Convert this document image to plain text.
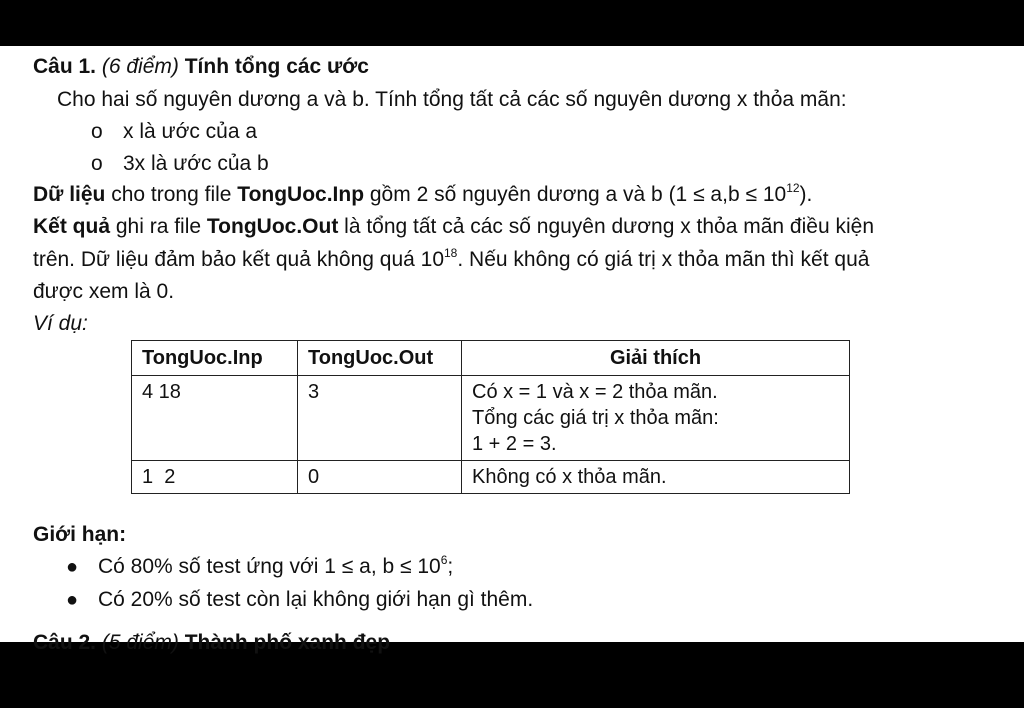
Câu 1. (6 điểm) Tính tổng các ước
Cho hai số nguyên dương a và b. Tính tổng tất cả các số nguyên dương x thỏa mãn:
o x là ước của a
o 3x là ước của b
Dữ liệu cho trong file TongUoc.Inp gồm 2 số nguyên dương a và b $(1 \le a,b \le 10^{12})$.
Kết quả ghi ra file TongUoc.Out là tổng tất cả các số nguyên dương x thỏa mãn điều kiện
trên. Dữ liệu đảm bảo kết quả không quá $10^{18}$. Nếu không có giá trị x thỏa mãn thì kết quả
được xem là 0.
Ví dụ:
TongUoc.Inp	TongUoc.Out	Giải thích
4 18	3	Có x = 1 và x = 2 thỏa mãn.
Tổng các giá trị x thỏa mãn:
1 + 2 = 3.

1  2	0	Không có x thỏa mãn.
Giới hạn:
● Có 80% số test ứng với 1 ≤ a, $b \le 10^6$;
● Có 20% số test còn lại không giới hạn gì thêm.
Câu 2. (5 điểm) Thành phố xanh đẹp
